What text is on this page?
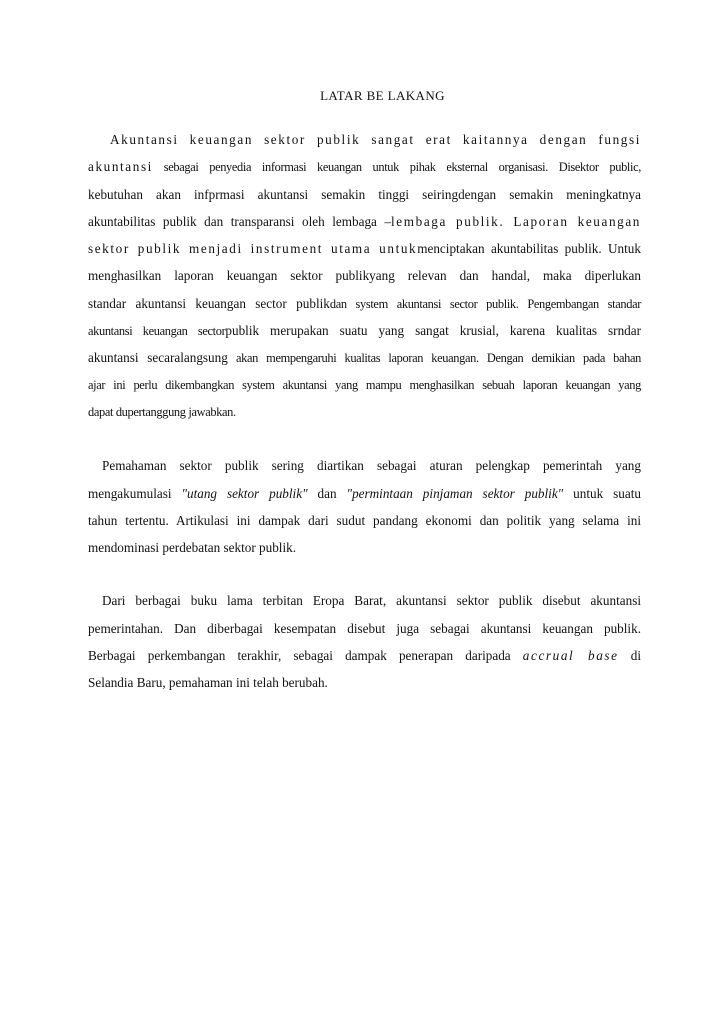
LATAR BE LAKANG
Akuntansi keuangan sektor publik sangat erat kaitannya dengan fungsi
akuntansi sebagai penyedia informasi keuangan untuk pihak eksternal organisasi. Disektor public,
kebutuhan akan infprmasi akuntansi semakin tinggi seiringdengan semakin meningkatnya
akuntabilitas publik dan transparansi oleh lembaga –lembaga publik. Laporan keuangan
sektor publik menjadi instrument utama untukmenciptakan akuntabilitas publik. Untuk
menghasilkan laporan keuangan sektor publikyang relevan dan handal, maka diperlukan
standar akuntansi keuangan sector publikdan system akuntansi sector publik. Pengembangan standar
akuntansi keuangan sectorpublik merupakan suatu yang sangat krusial, karena kualitas srndar
akuntansi secaralangsung akan mempengaruhi kualitas laporan keuangan. Dengan demikian pada bahan
ajar ini perlu dikembangkan system akuntansi yang mampu menghasilkan sebuah laporan keuangan yang
dapat dupertanggung jawabkan.
Pemahaman sektor publik sering diartikan sebagai aturan pelengkap pemerintah yang
mengakumulasi "utang sektor publik" dan "permintaan pinjaman sektor publik" untuk suatu
tahun tertentu. Artikulasi ini dampak dari sudut pandang ekonomi dan politik yang selama ini
mendominasi perdebatan sektor publik.
Dari berbagai buku lama terbitan Eropa Barat, akuntansi sektor publik disebut akuntansi
pemerintahan. Dan diberbagai kesempatan disebut juga sebagai akuntansi keuangan publik.
Berbagai perkembangan terakhir, sebagai dampak penerapan daripada accrual base di
Selandia Baru, pemahaman ini telah berubah.
